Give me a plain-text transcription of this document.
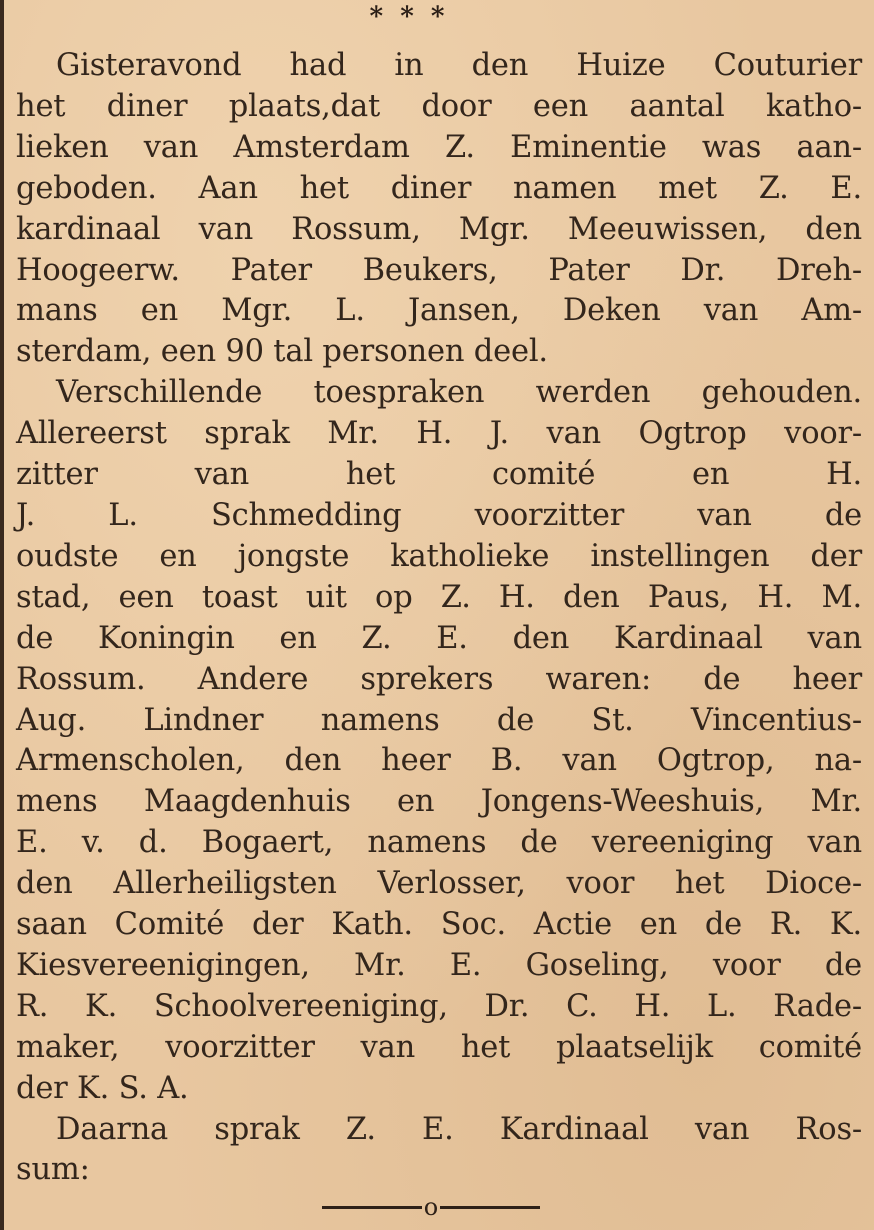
* * *

Gisteravond had in den Huize Couturier
het diner plaats,dat door een aantal katho-
lieken van Amsterdam Z. Eminentie was aan-
geboden. Aan het diner namen met Z. E.
kardinaal van Rossum, Mgr. Meeuwissen, den
Hoogeerw. Pater Beukers, Pater Dr. Dreh-
mans en Mgr. L. Jansen, Deken van Am-
sterdam, een 90 tal personen deel.

Verschillende toespraken werden gehouden.
Allereerst sprak Mr. H. J. van Ogtrop voor-
zitter van het comité en H.
J. L. Schmedding voorzitter van de
oudste en jongste katholieke instellingen der
stad, een toast uit op Z. H. den Paus, H. M.
de Koningin en Z. E. den Kardinaal van
Rossum. Andere sprekers waren: de heer
Aug. Lindner namens de St. Vincentius-
Armenscholen, den heer B. van Ogtrop, na-
mens Maagdenhuis en Jongens-Weeshuis, Mr.
E. v. d. Bogaert, namens de vereeniging van
den Allerheiligsten Verlosser, voor het Dioce-
saan Comité der Kath. Soc. Actie en de R. K.
Kiesvereenigingen, Mr. E. Goseling, voor de
R. K. Schoolvereeniging, Dr. C. H. L. Rade-
maker, voorzitter van het plaatselijk comité
der K. S. A.

Daarna sprak Z. E. Kardinaal van Ros-
sum:

o
